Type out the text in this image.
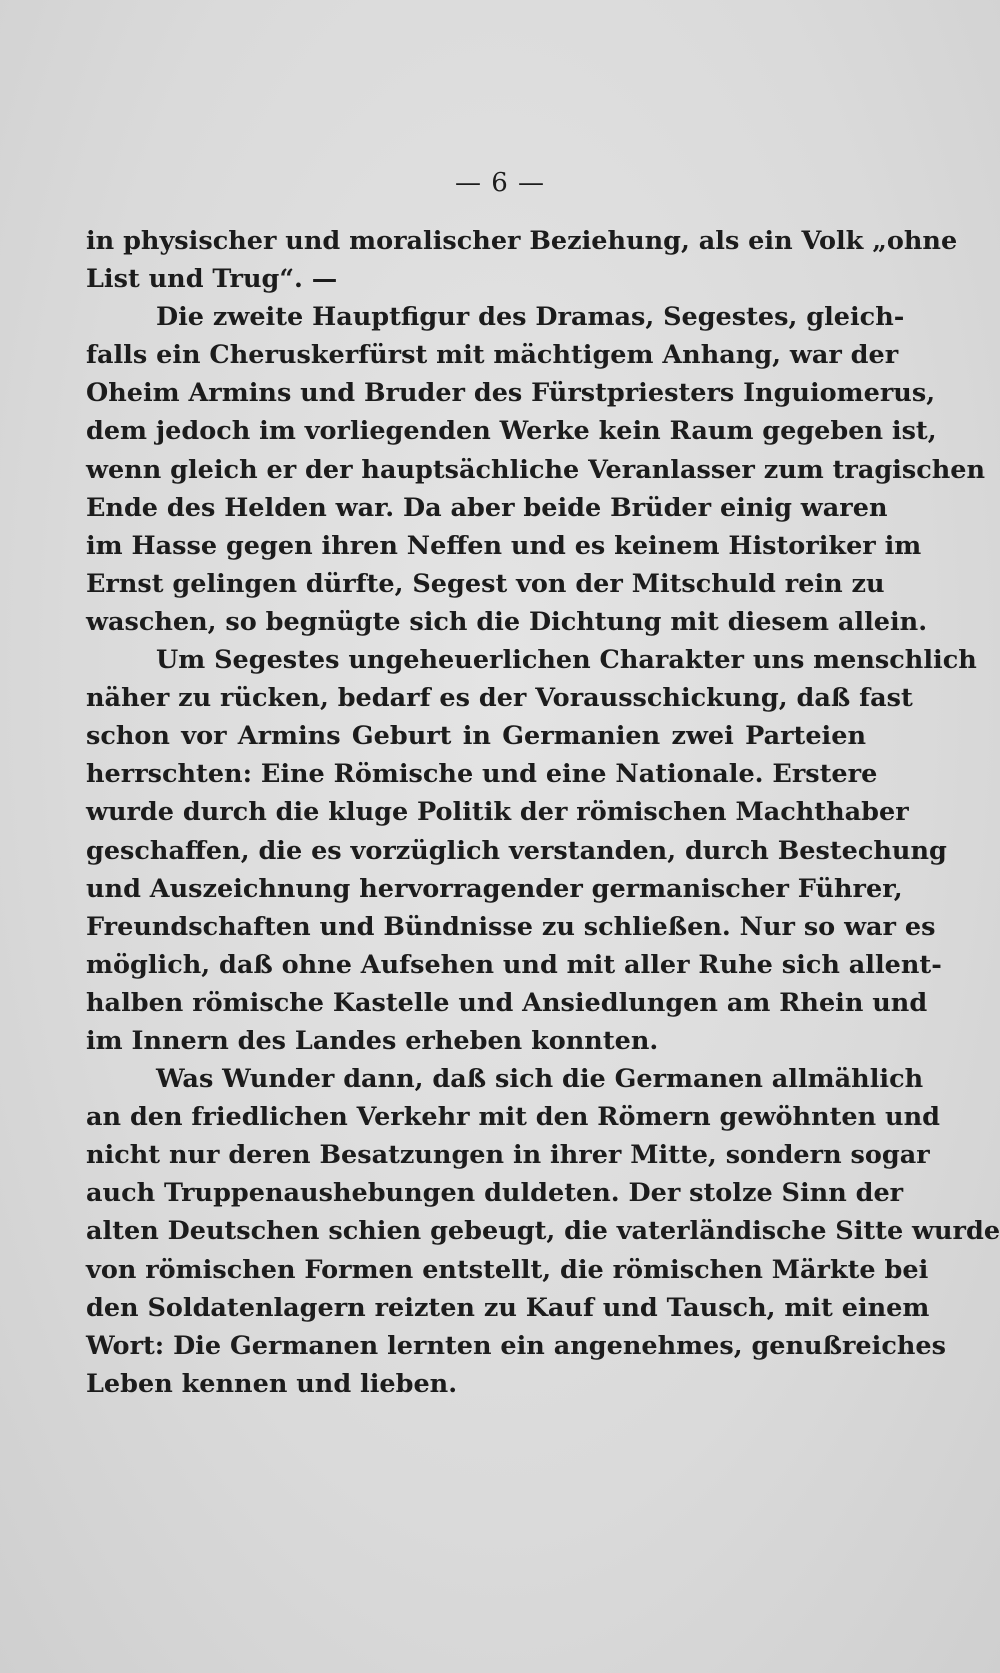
— 6 —
in physischer und moralischer Beziehung, als ein Volk „ohne
List und Trug“. —
Die zweite Hauptfigur des Dramas, Segestes, gleich-
falls ein Cheruskerfürst mit mächtigem Anhang, war der
Oheim Armins und Bruder des Fürstpriesters Inguiomerus,
dem jedoch im vorliegenden Werke kein Raum gegeben ist,
wenn gleich er der hauptsächliche Veranlasser zum tragischen
Ende des Helden war. Da aber beide Brüder einig waren
im Hasse gegen ihren Neffen und es keinem Historiker im
Ernst gelingen dürfte, Segest von der Mitschuld rein zu
waschen, so begnügte sich die Dichtung mit diesem allein.
Um Segestes ungeheuerlichen Charakter uns menschlich
näher zu rücken, bedarf es der Vorausschickung, daß fast
schon vor Armins Geburt in Germanien zwei Parteien
herrschten: Eine Römische und eine Nationale. Erstere
wurde durch die kluge Politik der römischen Machthaber
geschaffen, die es vorzüglich verstanden, durch Bestechung
und Auszeichnung hervorragender germanischer Führer,
Freundschaften und Bündnisse zu schließen. Nur so war es
möglich, daß ohne Aufsehen und mit aller Ruhe sich allent-
halben römische Kastelle und Ansiedlungen am Rhein und
im Innern des Landes erheben konnten.
Was Wunder dann, daß sich die Germanen allmählich
an den friedlichen Verkehr mit den Römern gewöhnten und
nicht nur deren Besatzungen in ihrer Mitte, sondern sogar
auch Truppenaushebungen duldeten. Der stolze Sinn der
alten Deutschen schien gebeugt, die vaterländische Sitte wurde
von römischen Formen entstellt, die römischen Märkte bei
den Soldatenlagern reizten zu Kauf und Tausch, mit einem
Wort: Die Germanen lernten ein angenehmes, genußreiches
Leben kennen und lieben.
